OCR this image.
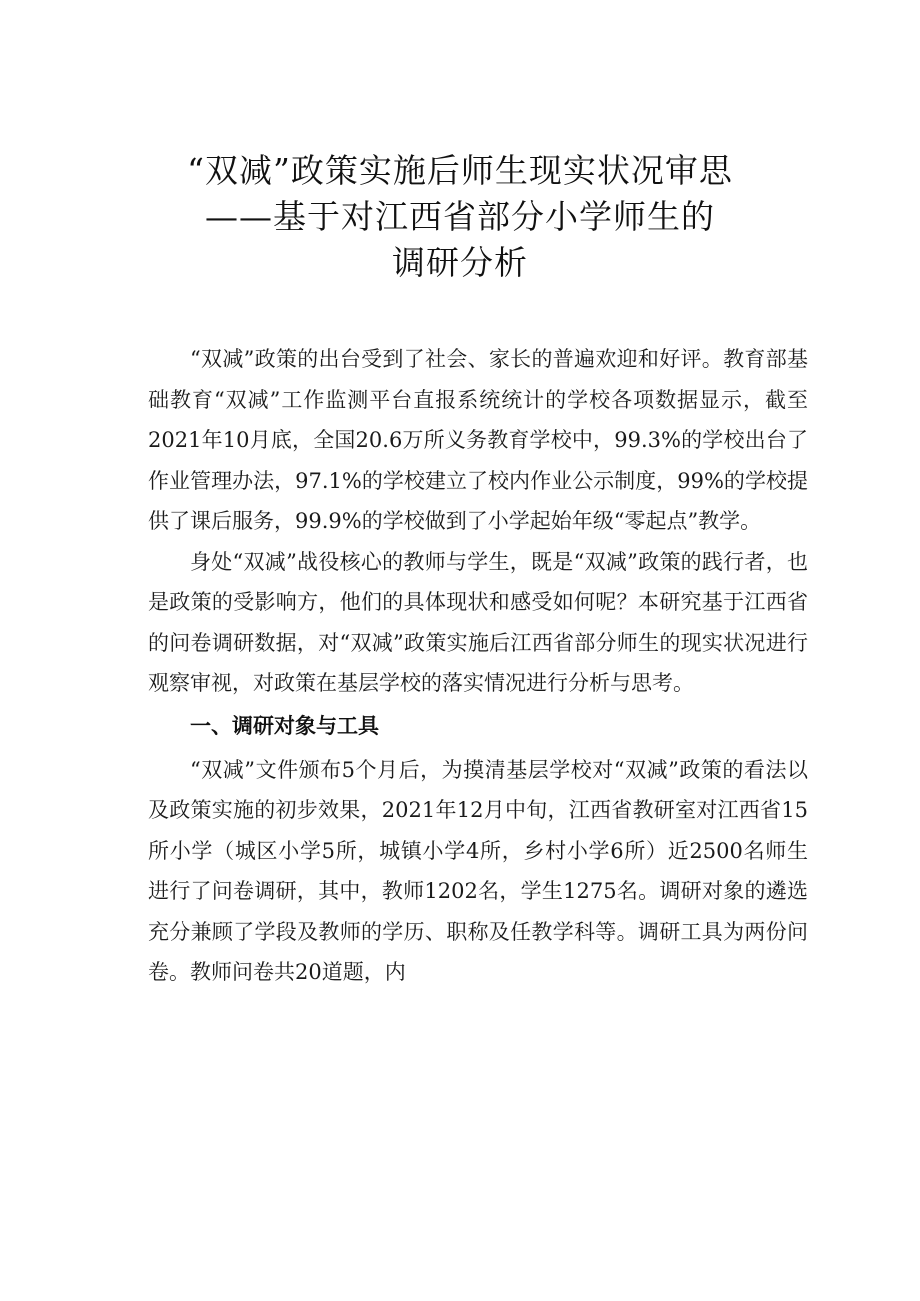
“双减”政策实施后师生现实状况审思
——基于对江西省部分小学师生的
调研分析

“双减”政策的出台受到了社会、家长的普遍欢迎和好评。教育部基础教育“双减”工作监测平台直报系统统计的学校各项数据显示，截至2021年10月底，全国20.6万所义务教育学校中，99.3%的学校出台了作业管理办法，97.1%的学校建立了校内作业公示制度，99%的学校提供了课后服务，99.9%的学校做到了小学起始年级“零起点”教学。

身处“双减”战役核心的教师与学生，既是“双减”政策的践行者，也是政策的受影响方，他们的具体现状和感受如何呢？本研究基于江西省的问卷调研数据，对“双减”政策实施后江西省部分师生的现实状况进行观察审视，对政策在基层学校的落实情况进行分析与思考。

一、调研对象与工具

“双减”文件颁布5个月后，为摸清基层学校对“双减”政策的看法以及政策实施的初步效果，2021年12月中旬，江西省教研室对江西省15所小学（城区小学5所，城镇小学4所，乡村小学6所）近2500名师生进行了问卷调研，其中，教师1202名，学生1275名。调研对象的遴选充分兼顾了学段及教师的学历、职称及任教学科等。调研工具为两份问卷。教师问卷共20道题，内
